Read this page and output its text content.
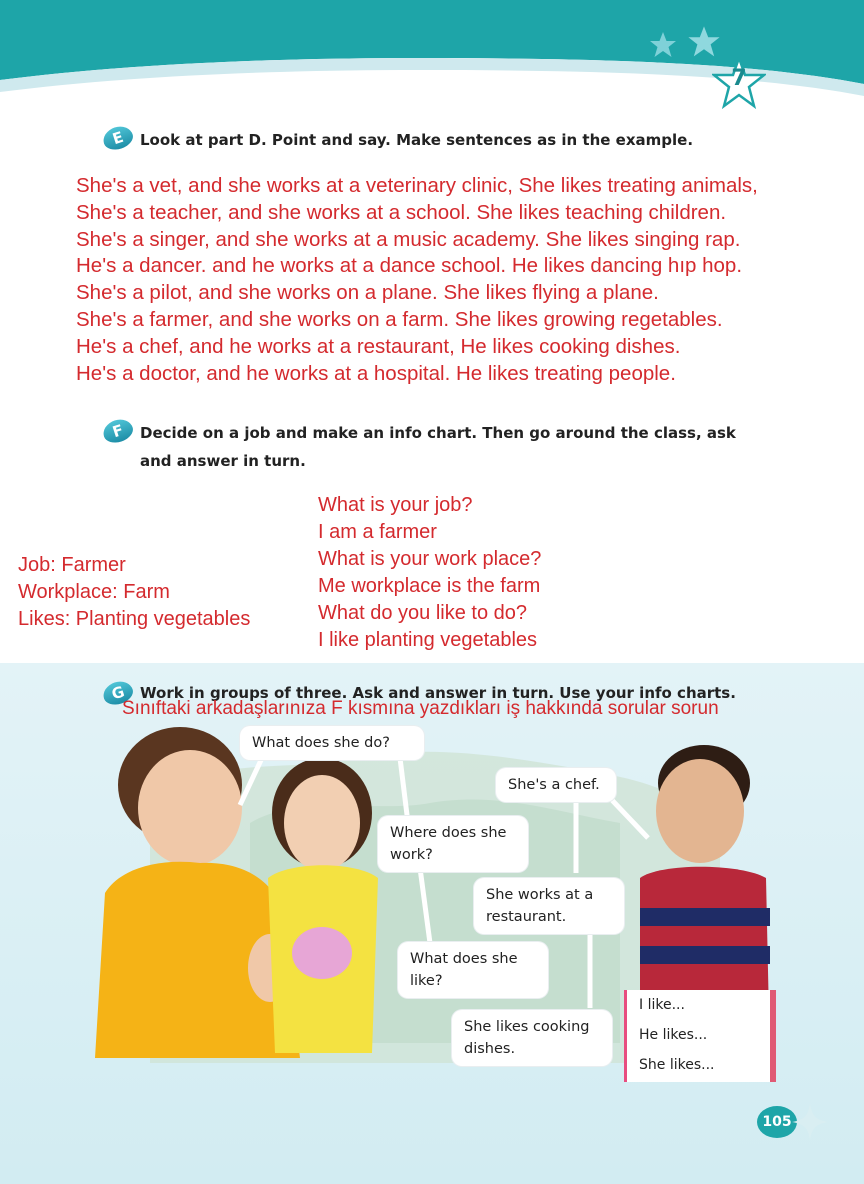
7
E Look at part D. Point and say. Make sentences as in the example.
She's a vet, and she works at a veterinary clinic, She likes treating animals,
She's a teacher, and she works at a school. She likes teaching children.
She's a singer, and she works at a music academy. She likes singing rap.
He's a dancer. and he works at a dance school. He likes dancing hıp hop.
She's a pilot, and she works on a plane. She likes flying a plane.
She's a farmer, and she works on a farm. She likes growing regetables.
He's a chef, and he works at a restaurant, He likes cooking dishes.
He's a doctor, and he works at a hospital. He likes treating people.
F Decide on a job and make an info chart. Then go around the class, ask
and answer in turn.
Job: Farmer
Workplace: Farm
Likes: Planting vegetables
What is your job?
I am a farmer
What is your work place?
Me workplace is the farm
What do you like to do?
I like planting vegetables
G Work in groups of three. Ask and answer in turn. Use your info charts.
Sınıftaki arkadaşlarınıza F kısmına yazdıkları iş hakkında sorular sorun
What does she do?
She's a chef.
Where does she
work?
She works at a
restaurant.
What does she
like?
She likes cooking
dishes.
I like...
He likes...
She likes...
105
